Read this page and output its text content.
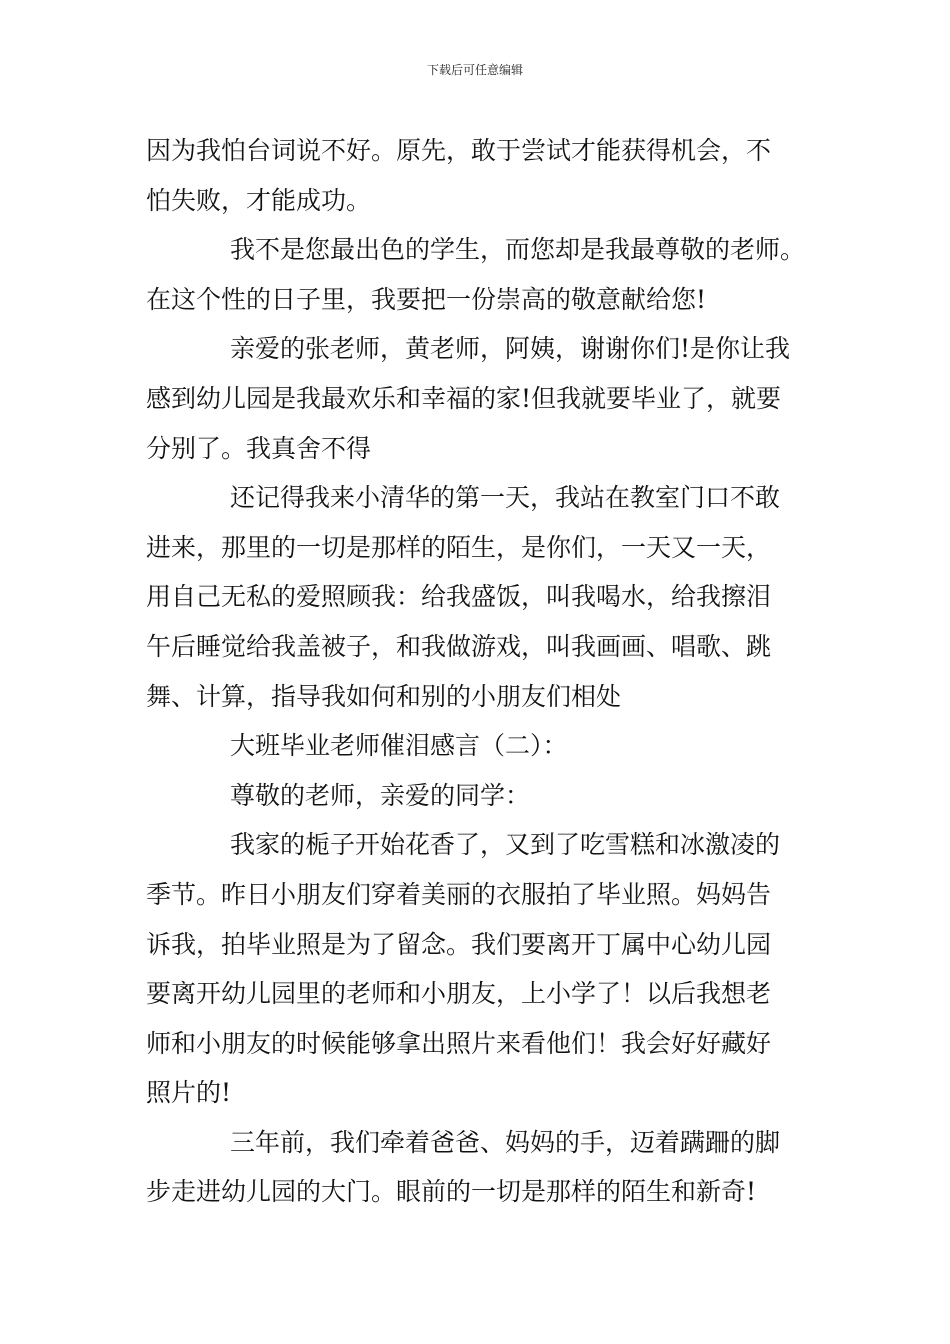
下载后可任意编辑
因为我怕台词说不好。原先，敢于尝试才能获得机会，不
怕失败，才能成功。
我不是您最出色的学生，而您却是我最尊敬的老师。
在这个性的日子里，我要把一份崇高的敬意献给您!
亲爱的张老师，黄老师，阿姨，谢谢你们!是你让我
感到幼儿园是我最欢乐和幸福的家!但我就要毕业了，就要
分别了。我真舍不得
还记得我来小清华的第一天，我站在教室门口不敢
进来，那里的一切是那样的陌生，是你们，一天又一天，
用自己无私的爱照顾我：给我盛饭，叫我喝水，给我擦泪
午后睡觉给我盖被子，和我做游戏，叫我画画、唱歌、跳
舞、计算，指导我如何和别的小朋友们相处
大班毕业老师催泪感言（二）：
尊敬的老师，亲爱的同学：
我家的栀子开始花香了，又到了吃雪糕和冰激凌的
季节。昨日小朋友们穿着美丽的衣服拍了毕业照。妈妈告
诉我，拍毕业照是为了留念。我们要离开丁属中心幼儿园
要离开幼儿园里的老师和小朋友，上小学了！以后我想老
师和小朋友的时候能够拿出照片来看他们！我会好好藏好
照片的!
三年前，我们牵着爸爸、妈妈的手，迈着蹒跚的脚
步走进幼儿园的大门。眼前的一切是那样的陌生和新奇!
